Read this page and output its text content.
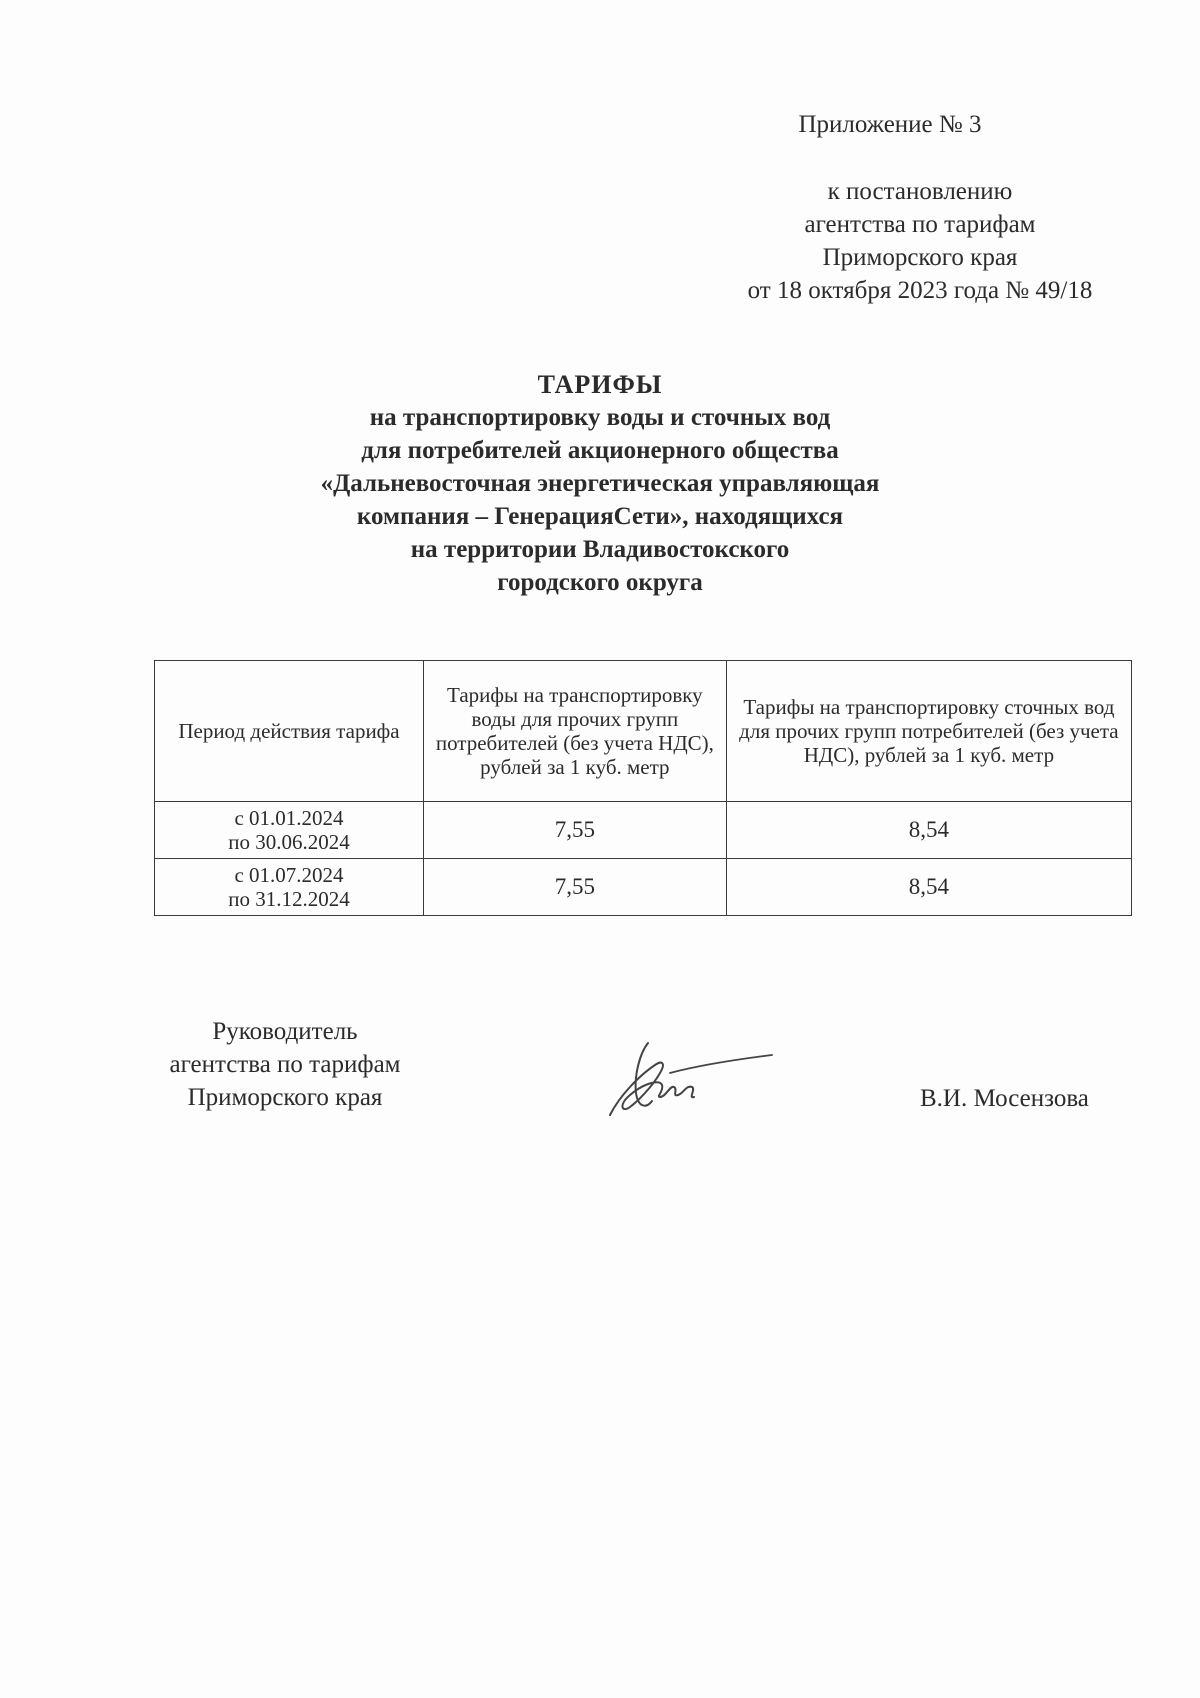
Приложение № 3
к постановлению
агентства по тарифам
Приморского края
от 18 октября 2023 года № 49/18
ТАРИФЫ
на транспортировку воды и сточных вод
для потребителей акционерного общества
«Дальневосточная энергетическая управляющая
компания – ГенерацияСети», находящихся
на территории Владивостокского
городского округа
Период действия тарифа	Тарифы на транспортировку воды для прочих групп потребителей (без учета НДС), рублей за 1 куб. метр	Тарифы на транспортировку сточных вод для прочих групп потребителей (без учета НДС), рублей за 1 куб. метр
с 01.01.2024
по 30.06.2024	7,55	8,54
с 01.07.2024
по 31.12.2024	7,55	8,54
Руководитель
агентства по тарифам
Приморского края	В.И. Мосензова
